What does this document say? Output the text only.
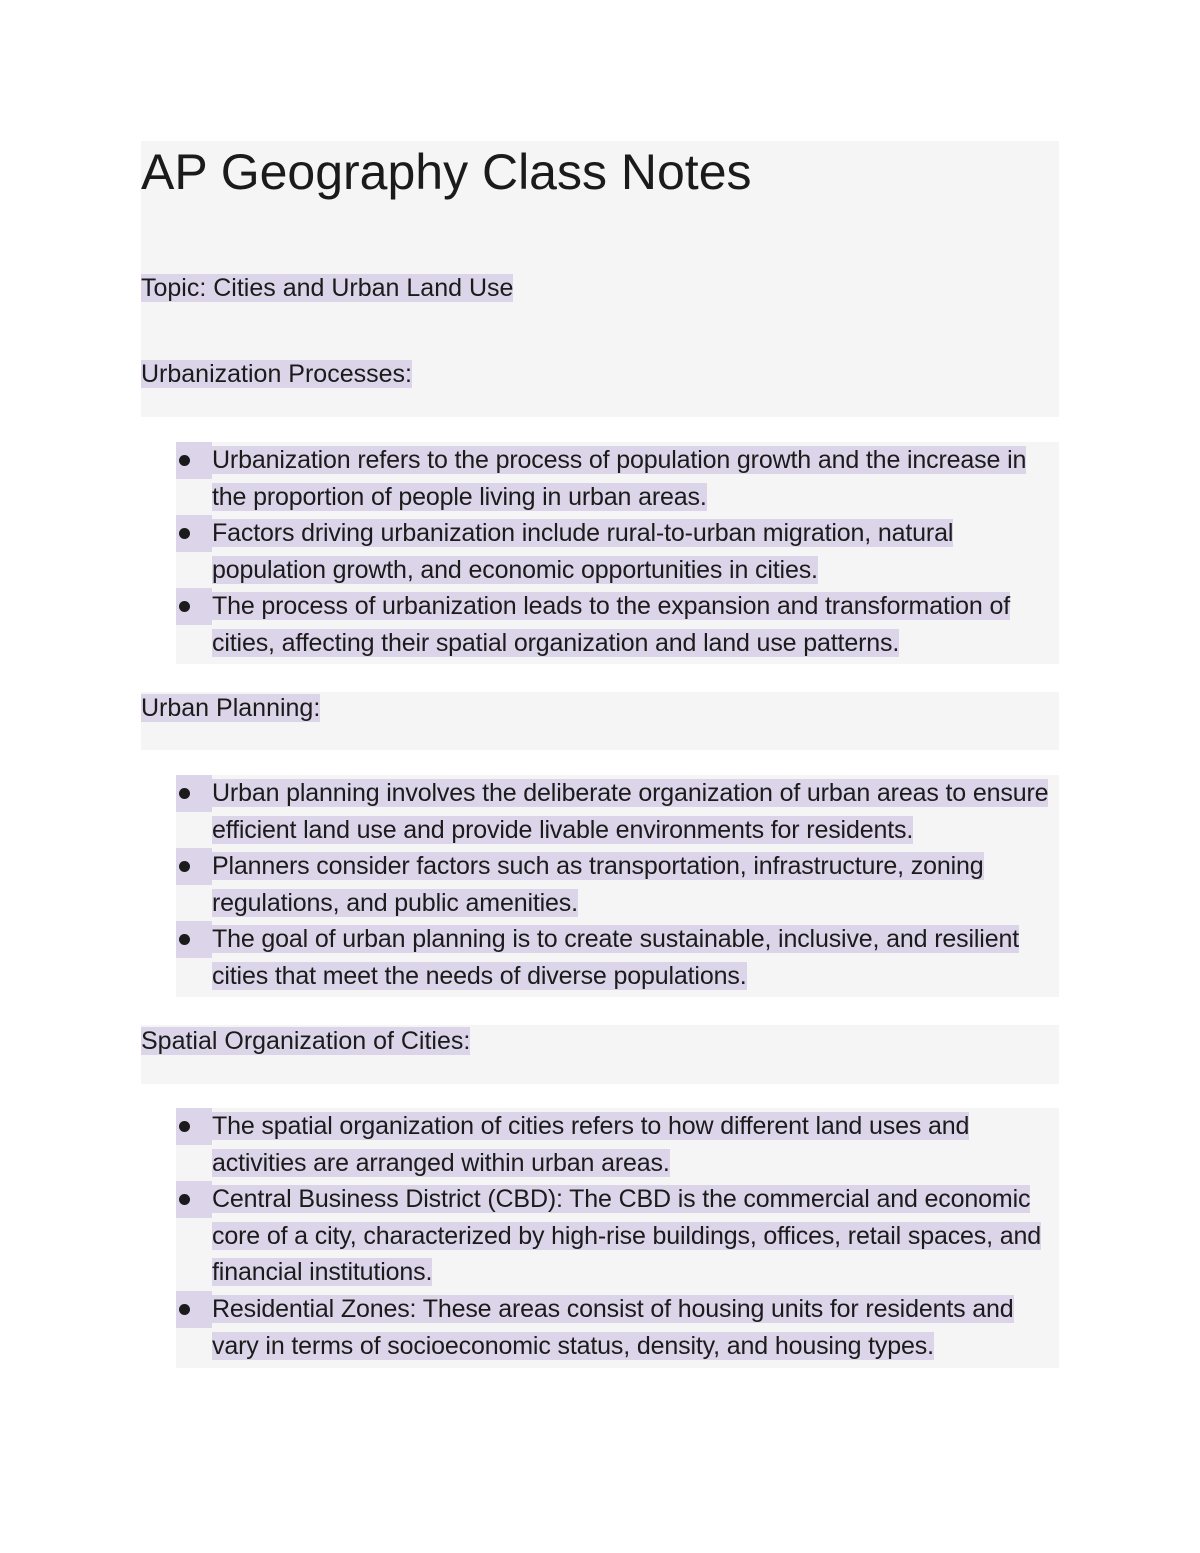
AP Geography Class Notes
Topic: Cities and Urban Land Use
Urbanization Processes:
Urbanization refers to the process of population growth and the increase in the proportion of people living in urban areas.
Factors driving urbanization include rural-to-urban migration, natural population growth, and economic opportunities in cities.
The process of urbanization leads to the expansion and transformation of cities, affecting their spatial organization and land use patterns.
Urban Planning:
Urban planning involves the deliberate organization of urban areas to ensure efficient land use and provide livable environments for residents.
Planners consider factors such as transportation, infrastructure, zoning regulations, and public amenities.
The goal of urban planning is to create sustainable, inclusive, and resilient cities that meet the needs of diverse populations.
Spatial Organization of Cities:
The spatial organization of cities refers to how different land uses and activities are arranged within urban areas.
Central Business District (CBD): The CBD is the commercial and economic core of a city, characterized by high-rise buildings, offices, retail spaces, and financial institutions.
Residential Zones: These areas consist of housing units for residents and vary in terms of socioeconomic status, density, and housing types.
